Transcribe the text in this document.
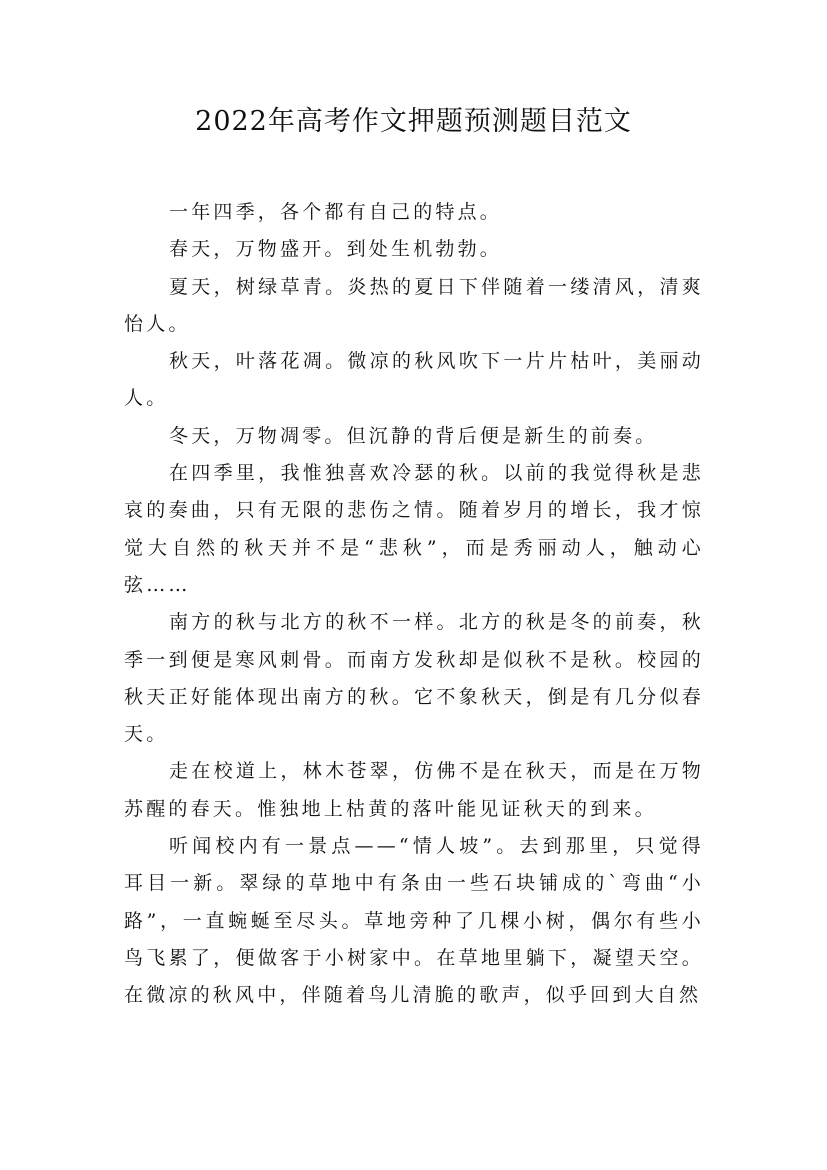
2022年高考作文押题预测题目范文

一年四季，各个都有自己的特点。

春天，万物盛开。到处生机勃勃。

夏天，树绿草青。炎热的夏日下伴随着一缕清风，清爽怡人。

秋天，叶落花凋。微凉的秋风吹下一片片枯叶，美丽动人。

冬天，万物凋零。但沉静的背后便是新生的前奏。

在四季里，我惟独喜欢冷瑟的秋。以前的我觉得秋是悲哀的奏曲，只有无限的悲伤之情。随着岁月的增长，我才惊觉大自然的秋天并不是“悲秋”，而是秀丽动人，触动心弦……

南方的秋与北方的秋不一样。北方的秋是冬的前奏，秋季一到便是寒风刺骨。而南方发秋却是似秋不是秋。校园的秋天正好能体现出南方的秋。它不象秋天，倒是有几分似春天。

走在校道上，林木苍翠，仿佛不是在秋天，而是在万物苏醒的春天。惟独地上枯黄的落叶能见证秋天的到来。

听闻校内有一景点——“情人坡”。去到那里，只觉得耳目一新。翠绿的草地中有条由一些石块铺成的`弯曲“小路”，一直蜿蜒至尽头。草地旁种了几棵小树，偶尔有些小鸟飞累了，便做客于小树家中。在草地里躺下，凝望天空。在微凉的秋风中，伴随着鸟儿清脆的歌声，似乎回到大自然
